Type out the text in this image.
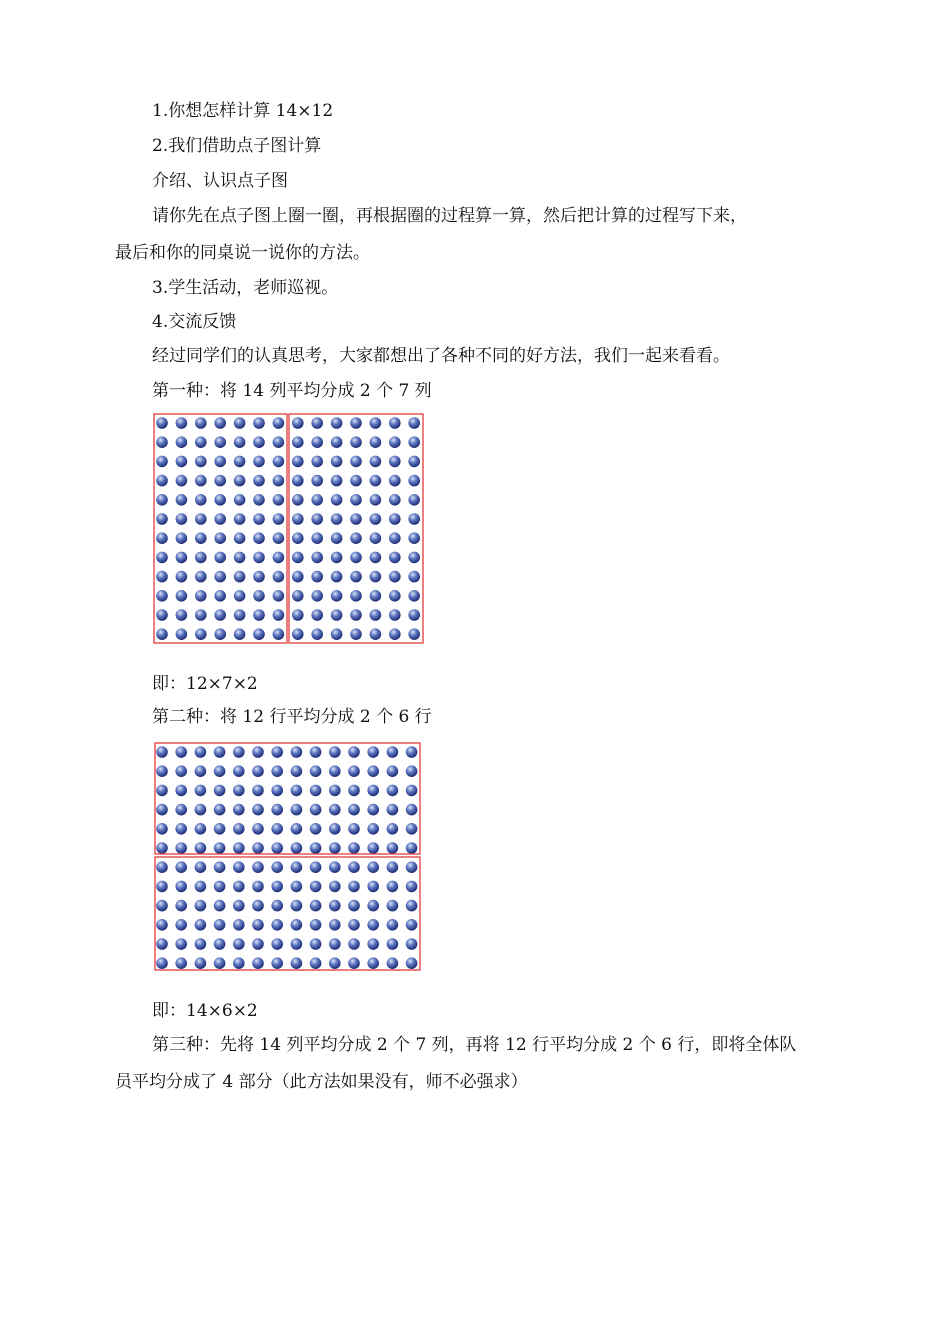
1.你想怎样计算 14×12

2.我们借助点子图计算

介绍、认识点子图

请你先在点子图上圈一圈，再根据圈的过程算一算，然后把计算的过程写下来，

最后和你的同桌说一说你的方法。

3.学生活动，老师巡视。

4.交流反馈

经过同学们的认真思考，大家都想出了各种不同的好方法，我们一起来看看。

第一种：将 14 列平均分成 2 个 7 列

即：12×7×2

第二种：将 12 行平均分成 2 个 6 行

即：14×6×2

第三种：先将 14 列平均分成 2 个 7 列，再将 12 行平均分成 2 个 6 行，即将全体队

员平均分成了 4 部分（此方法如果没有，师不必强求）
